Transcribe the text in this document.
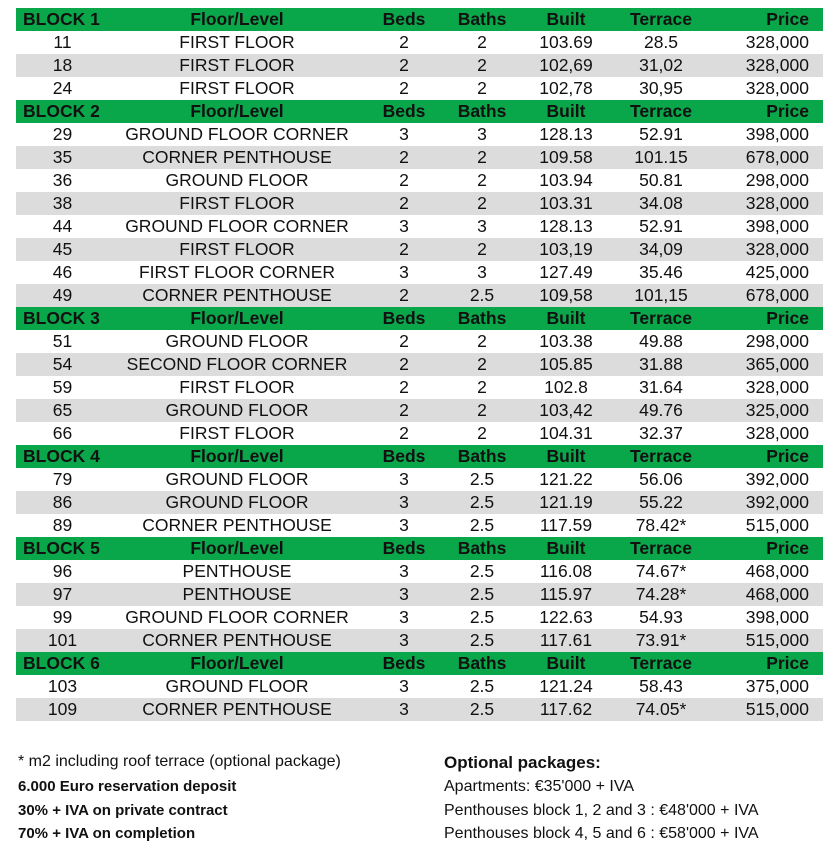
BLOCK 1	Floor/Level	Beds	Baths	Built	Terrace	Price
11	FIRST FLOOR	2	2	103.69	28.5	328,000
18	FIRST FLOOR	2	2	102,69	31,02	328,000
24	FIRST FLOOR	2	2	102,78	30,95	328,000
BLOCK 2	Floor/Level	Beds	Baths	Built	Terrace	Price
29	GROUND FLOOR CORNER	3	3	128.13	52.91	398,000
35	CORNER PENTHOUSE	2	2	109.58	101.15	678,000
36	GROUND FLOOR	2	2	103.94	50.81	298,000
38	FIRST FLOOR	2	2	103.31	34.08	328,000
44	GROUND FLOOR CORNER	3	3	128.13	52.91	398,000
45	FIRST FLOOR	2	2	103,19	34,09	328,000
46	FIRST FLOOR CORNER	3	3	127.49	35.46	425,000
49	CORNER PENTHOUSE	2	2.5	109,58	101,15	678,000
BLOCK 3	Floor/Level	Beds	Baths	Built	Terrace	Price
51	GROUND FLOOR	2	2	103.38	49.88	298,000
54	SECOND FLOOR CORNER	2	2	105.85	31.88	365,000
59	FIRST FLOOR	2	2	102.8	31.64	328,000
65	GROUND FLOOR	2	2	103,42	49.76	325,000
66	FIRST FLOOR	2	2	104.31	32.37	328,000
BLOCK 4	Floor/Level	Beds	Baths	Built	Terrace	Price
79	GROUND FLOOR	3	2.5	121.22	56.06	392,000
86	GROUND FLOOR	3	2.5	121.19	55.22	392,000
89	CORNER PENTHOUSE	3	2.5	117.59	78.42*	515,000
BLOCK 5	Floor/Level	Beds	Baths	Built	Terrace	Price
96	PENTHOUSE	3	2.5	116.08	74.67*	468,000
97	PENTHOUSE	3	2.5	115.97	74.28*	468,000
99	GROUND FLOOR CORNER	3	2.5	122.63	54.93	398,000
101	CORNER PENTHOUSE	3	2.5	117.61	73.91*	515,000
BLOCK 6	Floor/Level	Beds	Baths	Built	Terrace	Price
103	GROUND FLOOR	3	2.5	121.24	58.43	375,000
109	CORNER PENTHOUSE	3	2.5	117.62	74.05*	515,000
* m2 including roof terrace (optional package)
6.000 Euro reservation deposit
30% + IVA on private contract
70% + IVA on completion
Optional packages:
Apartments: €35'000 + IVA
Penthouses block 1, 2 and 3 : €48'000 + IVA
Penthouses block 4, 5 and 6 : €58'000 + IVA
